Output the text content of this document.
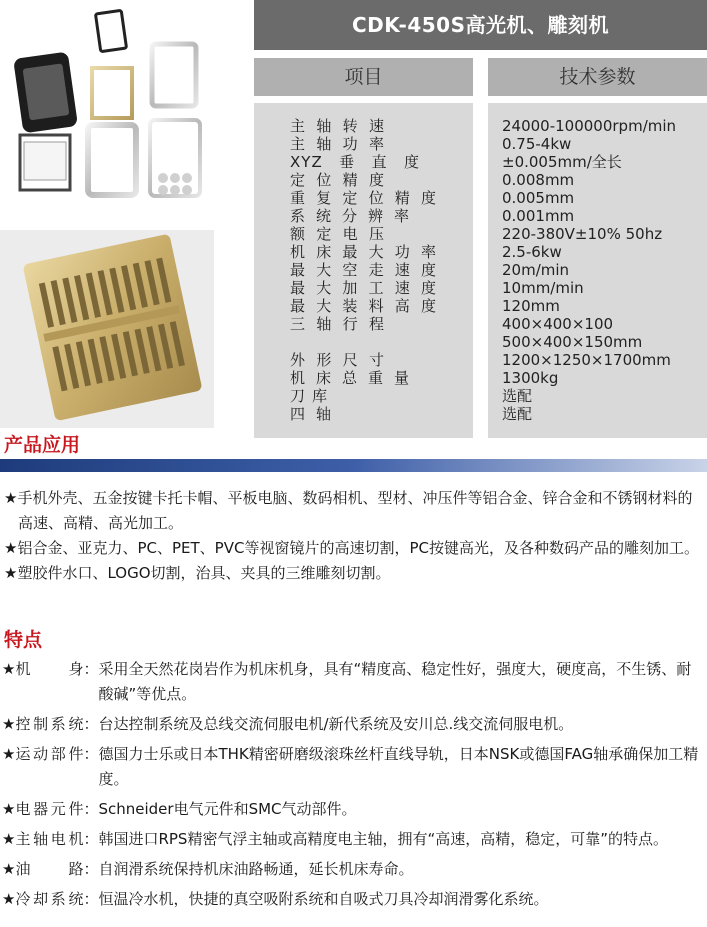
CDK-450S高光机、雕刻机
项目	技术参数
主轴转速
主轴功率
XYZ垂直度
定位精度
重复定位精度
系统分辨率
额定电压
机床最大功率
最大空走速度
最大加工速度
最大装料高度
三轴行程
外形尺寸
机床总重量
刀库
四轴
24000-100000rpm/min
0.75-4kw
±0.005mm/全长
0.008mm
0.005mm
0.001mm
220-380V±10% 50hz
2.5-6kw
20m/min
10mm/min
120mm
400×400×100
500×400×150mm
1200×1250×1700mm
1300kg
选配
选配
产品应用
★手机外壳、五金按键卡托卡帽、平板电脑、数码相机、型材、冲压件等铝合金、锌合金和不锈钢材料的高速、高精、高光加工。
★铝合金、亚克力、PC、PET、PVC等视窗镜片的高速切割，PC按键高光，及各种数码产品的雕刻加工。
★塑胶件水口、LOGO切割，治具、夹具的三维雕刻切割。
特点
★机身： 采用全天然花岗岩作为机床机身，具有“精度高、稳定性好，强度大，硬度高，不生锈、耐酸碱”等优点。
★控制系统： 台达控制系统及总线交流伺服电机/新代系统及安川总.线交流伺服电机。
★运动部件： 德国力士乐或日本THK精密研磨级滚珠丝杆直线导轨，日本NSK或德国FAG轴承确保加工精度。
★电器元件： Schneider电气元件和SMC气动部件。
★主轴电机： 韩国进口RPS精密气浮主轴或高精度电主轴，拥有“高速，高精，稳定，可靠”的特点。
★油路： 自润滑系统保持机床油路畅通，延长机床寿命。
★冷却系统： 恒温冷水机，快捷的真空吸附系统和自吸式刀具冷却润滑雾化系统。
